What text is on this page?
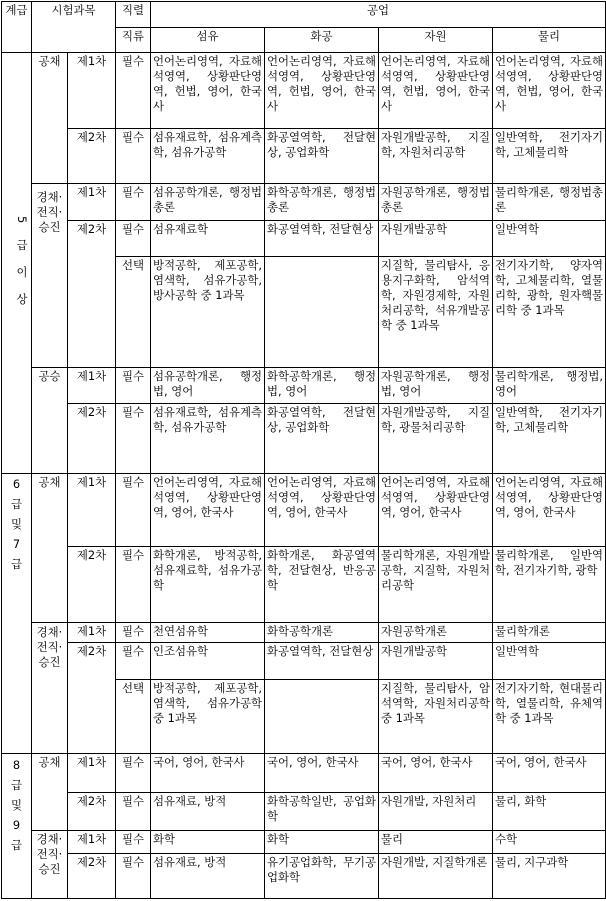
계급	시험과목		직렬	공업			
			직류	섬유	화공	자원	물리
5 급 이 상	공채	제1차	필수	언어논리영역, 자료해석영역, 상황판단영역, 헌법, 영어, 한국사	언어논리영역, 자료해석영역, 상황판단영역, 헌법, 영어, 한국사	언어논리영역, 자료해석영역, 상황판단영역, 헌법, 영어, 한국사	언어논리영역, 자료해석영역, 상황판단영역, 헌법, 영어, 한국사
		제2차	필수	섬유재료학, 섬유계측학, 섬유가공학	화공열역학, 전달현상, 공업화학	자원개발공학, 지질학, 자원처리공학	일반역학, 전기자기학, 고체물리학

	경채·전직·승진	제1차	필수	섬유공학개론, 행정법총론	화학공학개론, 행정법총론	자원공학개론, 행정법총론	물리학개론, 행정법총론
		제2차	필수	섬유재료학	화공열역학, 전달현상	자원개발공학	일반역학
			선택	방적공학, 제포공학, 염색학, 섬유가공학, 방사공학 중 1과목		지질학, 물리탐사, 응용지구화학, 암석역학, 자원경제학, 자원처리공학, 석유개발공학 중 1과목	전기자기학, 양자역학, 고체물리학, 열물리학, 광학, 원자핵물리학 중 1과목
	공승	제1차	필수	섬유공학개론, 행정법, 영어	화학공학개론, 행정법, 영어	자원공학개론, 행정법, 영어	물리학개론, 행정법, 영어
		제2차	필수	섬유재료학, 섬유계측학, 섬유가공학	화공열역학, 전달현상, 공업화학	자원개발공학, 지질학, 광물처리공학	일반역학, 전기자기학, 고체물리학

6 급 및 7 급	공채	제1차	필수	언어논리영역, 자료해석영역, 상황판단영역, 영어, 한국사	언어논리영역, 자료해석영역, 상황판단영역, 영어, 한국사	언어논리영역, 자료해석영역, 상황판단영역, 영어, 한국사	언어논리영역, 자료해석영역, 상황판단영역, 영어, 한국사
		제2차	필수	화학개론, 방적공학, 섬유재료학, 섬유가공학	화학개론, 화공열역학, 전달현상, 반응공학	물리학개론, 자원개발공학, 지질학, 자원처리공학	물리학개론, 일반역학, 전기자기학, 광학

	경채·전직·승진	제1차	필수	천연섬유학	화학공학개론	자원공학개론	물리학개론
		제2차	필수	인조섬유학	화공열역학, 전달현상	자원개발공학	일반역학
			선택	방적공학, 제포공학, 염색학, 섬유가공학 중 1과목		지질학, 물리탐사, 암석역학, 자원처리공학 중 1과목	전기자기학, 현대물리학, 열물리학, 유체역학 중 1과목

8 급 및 9 급	공채	제1차	필수	국어, 영어, 한국사	국어, 영어, 한국사	국어, 영어, 한국사	국어, 영어, 한국사
		제2차	필수	섬유재료, 방적	화학공학일반, 공업화학	자원개발, 자원처리	물리, 화학

	경채·전직·승진	제1차	필수	화학	화학	물리	수학
		제2차	필수	섬유재료, 방적	유기공업화학, 무기공업화학	자원개발, 지질학개론	물리, 지구과학
